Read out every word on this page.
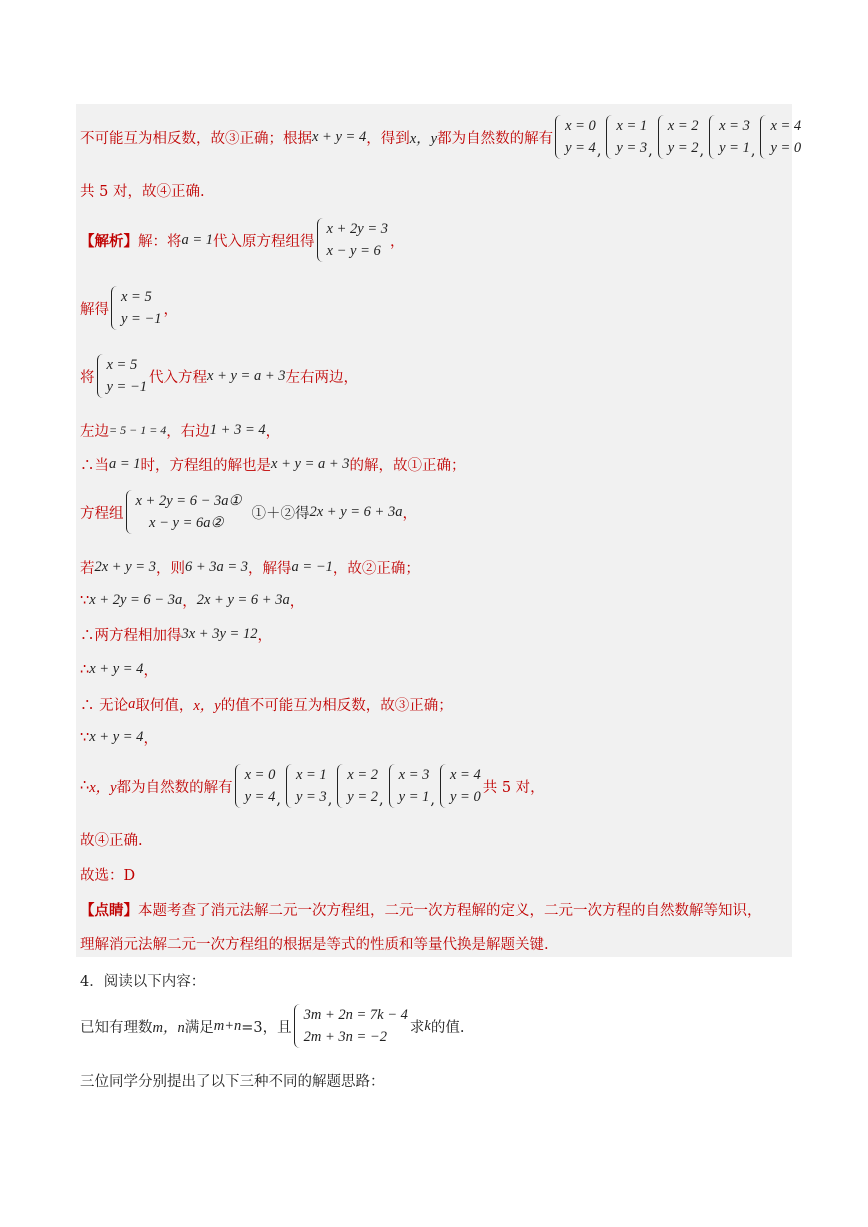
不可能互为相反数，故③正确；根据 x + y = 4 ，得到 x，y 都为自然数的解有
x = 0
y = 4 ,
x = 1
y = 3 ,
x = 2
y = 2 ,
x = 3
y = 1 ,
x = 4
y = 0
共 5 对，故④正确.
【解析】 解：将 a = 1 代入原方程组得
x + 2y = 3
x − y = 6
，
解得
x = 5
y = −1
，
将
x = 5
y = −1
代入方程 x + y = a + 3 左右两边，
左边 = 5 − 1 = 4 ，右边 1 + 3 = 4 ，
∴当 a = 1 时，方程组的解也是 x + y = a + 3 的解，故①正确；
方程组
x + 2y = 6 − 3a①
x − y = 6a②
①＋②得 2x + y = 6 + 3a ，
若 2x + y = 3 ，则 6 + 3a = 3 ，解得 a = −1 ，故②正确；
∵ x + 2y = 6 − 3a ， 2x + y = 6 + 3a ，
∴两方程相加得 3x + 3y = 12 ，
∴ x + y = 4 ，
∴ 无论 a 取何值， x，y 的值不可能互为相反数，故③正确；
∵ x + y = 4 ，
∴ x，y 都为自然数的解有
x = 0
y = 4 ,
x = 1
y = 3 ,
x = 2
y = 2 ,
x = 3
y = 1 ,
x = 4
y = 0
共 5 对，
故④正确.
故选：D
【点睛】 本题考查了消元法解二元一次方程组，二元一次方程解的定义，二元一次方程的自然数解等知识，
理解消元法解二元一次方程组的根据是等式的性质和等量代换是解题关键.
4．阅读以下内容：
已知有理数 m，n 满足 m+n =3，且
3m + 2n = 7k − 4
2m + 3n = −2
求 k 的值.
三位同学分别提出了以下三种不同的解题思路：
